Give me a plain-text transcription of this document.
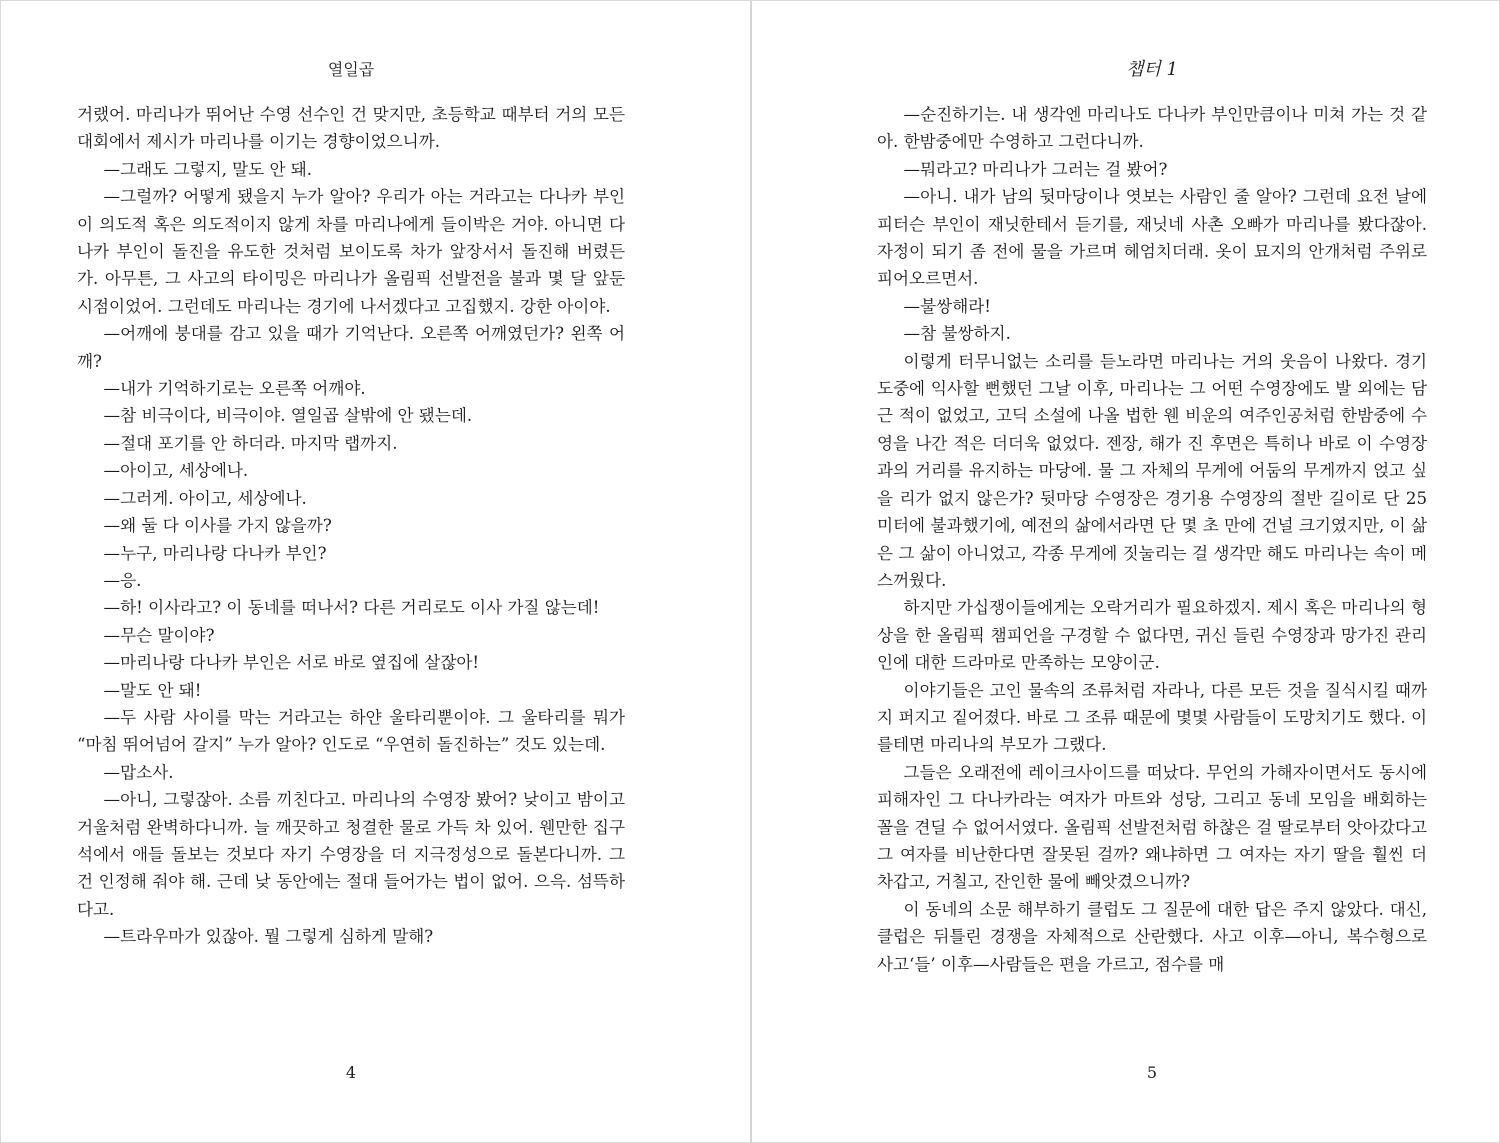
열일곱

거랬어. 마리나가 뛰어난 수영 선수인 건 맞지만, 초등학교 때부터 거의 모든 대회에서 제시가 마리나를 이기는 경향이었으니까.

—그래도 그렇지, 말도 안 돼.

—그럴까? 어떻게 됐을지 누가 알아? 우리가 아는 거라고는 다나카 부인이 의도적 혹은 의도적이지 않게 차를 마리나에게 들이박은 거야. 아니면 다나카 부인이 돌진을 유도한 것처럼 보이도록 차가 앞장서서 돌진해 버렸든가. 아무튼, 그 사고의 타이밍은 마리나가 올림픽 선발전을 불과 몇 달 앞둔 시점이었어. 그런데도 마리나는 경기에 나서겠다고 고집했지. 강한 아이야.

—어깨에 붕대를 감고 있을 때가 기억난다. 오른쪽 어깨였던가? 왼쪽 어깨?

—내가 기억하기로는 오른쪽 어깨야.

—참 비극이다, 비극이야. 열일곱 살밖에 안 됐는데.

—절대 포기를 안 하더라. 마지막 랩까지.

—아이고, 세상에나.

—그러게. 아이고, 세상에나.

—왜 둘 다 이사를 가지 않을까?

—누구, 마리나랑 다나카 부인?

—응.

—하! 이사라고? 이 동네를 떠나서? 다른 거리로도 이사 가질 않는데!

—무슨 말이야?

—마리나랑 다나카 부인은 서로 바로 옆집에 살잖아!

—말도 안 돼!

—두 사람 사이를 막는 거라고는 하얀 울타리뿐이야. 그 울타리를 뭐가 “마침 뛰어넘어 갈지” 누가 알아? 인도로 “우연히 돌진하는” 것도 있는데.

—맙소사.

—아니, 그렇잖아. 소름 끼친다고. 마리나의 수영장 봤어? 낮이고 밤이고 거울처럼 완벽하다니까. 늘 깨끗하고 청결한 물로 가득 차 있어. 웬만한 집구석에서 애들 돌보는 것보다 자기 수영장을 더 지극정성으로 돌본다니까. 그건 인정해 줘야 해. 근데 낮 동안에는 절대 들어가는 법이 없어. 으윽. 섬뜩하다고.

—트라우마가 있잖아. 뭘 그렇게 심하게 말해?

4
챕터 1

—순진하기는. 내 생각엔 마리나도 다나카 부인만큼이나 미쳐 가는 것 같아. 한밤중에만 수영하고 그런다니까.

—뭐라고? 마리나가 그러는 걸 봤어?

—아니. 내가 남의 뒷마당이나 엿보는 사람인 줄 알아? 그런데 요전 날에 피터슨 부인이 재닛한테서 듣기를, 재닛네 사촌 오빠가 마리나를 봤다잖아. 자정이 되기 좀 전에 물을 가르며 헤엄치더래. 옷이 묘지의 안개처럼 주위로 피어오르면서.

—불쌍해라!

—참 불쌍하지.

이렇게 터무니없는 소리를 듣노라면 마리나는 거의 웃음이 나왔다. 경기 도중에 익사할 뻔했던 그날 이후, 마리나는 그 어떤 수영장에도 발 외에는 담근 적이 없었고, 고딕 소설에 나올 법한 웬 비운의 여주인공처럼 한밤중에 수영을 나간 적은 더더욱 없었다. 젠장, 해가 진 후면은 특히나 바로 이 수영장과의 거리를 유지하는 마당에. 물 그 자체의 무게에 어둠의 무게까지 얹고 싶을 리가 없지 않은가? 뒷마당 수영장은 경기용 수영장의 절반 길이로 단 25미터에 불과했기에, 예전의 삶에서라면 단 몇 초 만에 건널 크기였지만, 이 삶은 그 삶이 아니었고, 각종 무게에 짓눌리는 걸 생각만 해도 마리나는 속이 메스꺼웠다.

하지만 가십쟁이들에게는 오락거리가 필요하겠지. 제시 혹은 마리나의 형상을 한 올림픽 챔피언을 구경할 수 없다면, 귀신 들린 수영장과 망가진 관리인에 대한 드라마로 만족하는 모양이군.

이야기들은 고인 물속의 조류처럼 자라나, 다른 모든 것을 질식시킬 때까지 퍼지고 짙어졌다. 바로 그 조류 때문에 몇몇 사람들이 도망치기도 했다. 이를테면 마리나의 부모가 그랬다.

그들은 오래전에 레이크사이드를 떠났다. 무언의 가해자이면서도 동시에 피해자인 그 다나카라는 여자가 마트와 성당, 그리고 동네 모임을 배회하는 꼴을 견딜 수 없어서였다. 올림픽 선발전처럼 하찮은 걸 딸로부터 앗아갔다고 그 여자를 비난한다면 잘못된 걸까? 왜냐하면 그 여자는 자기 딸을 훨씬 더 차갑고, 거칠고, 잔인한 물에 빼앗겼으니까?

이 동네의 소문 해부하기 클럽도 그 질문에 대한 답은 주지 않았다. 대신, 클럽은 뒤틀린 경쟁을 자체적으로 산란했다. 사고 이후—아니, 복수형으로 사고‘들’ 이후—사람들은 편을 가르고, 점수를 매

5
